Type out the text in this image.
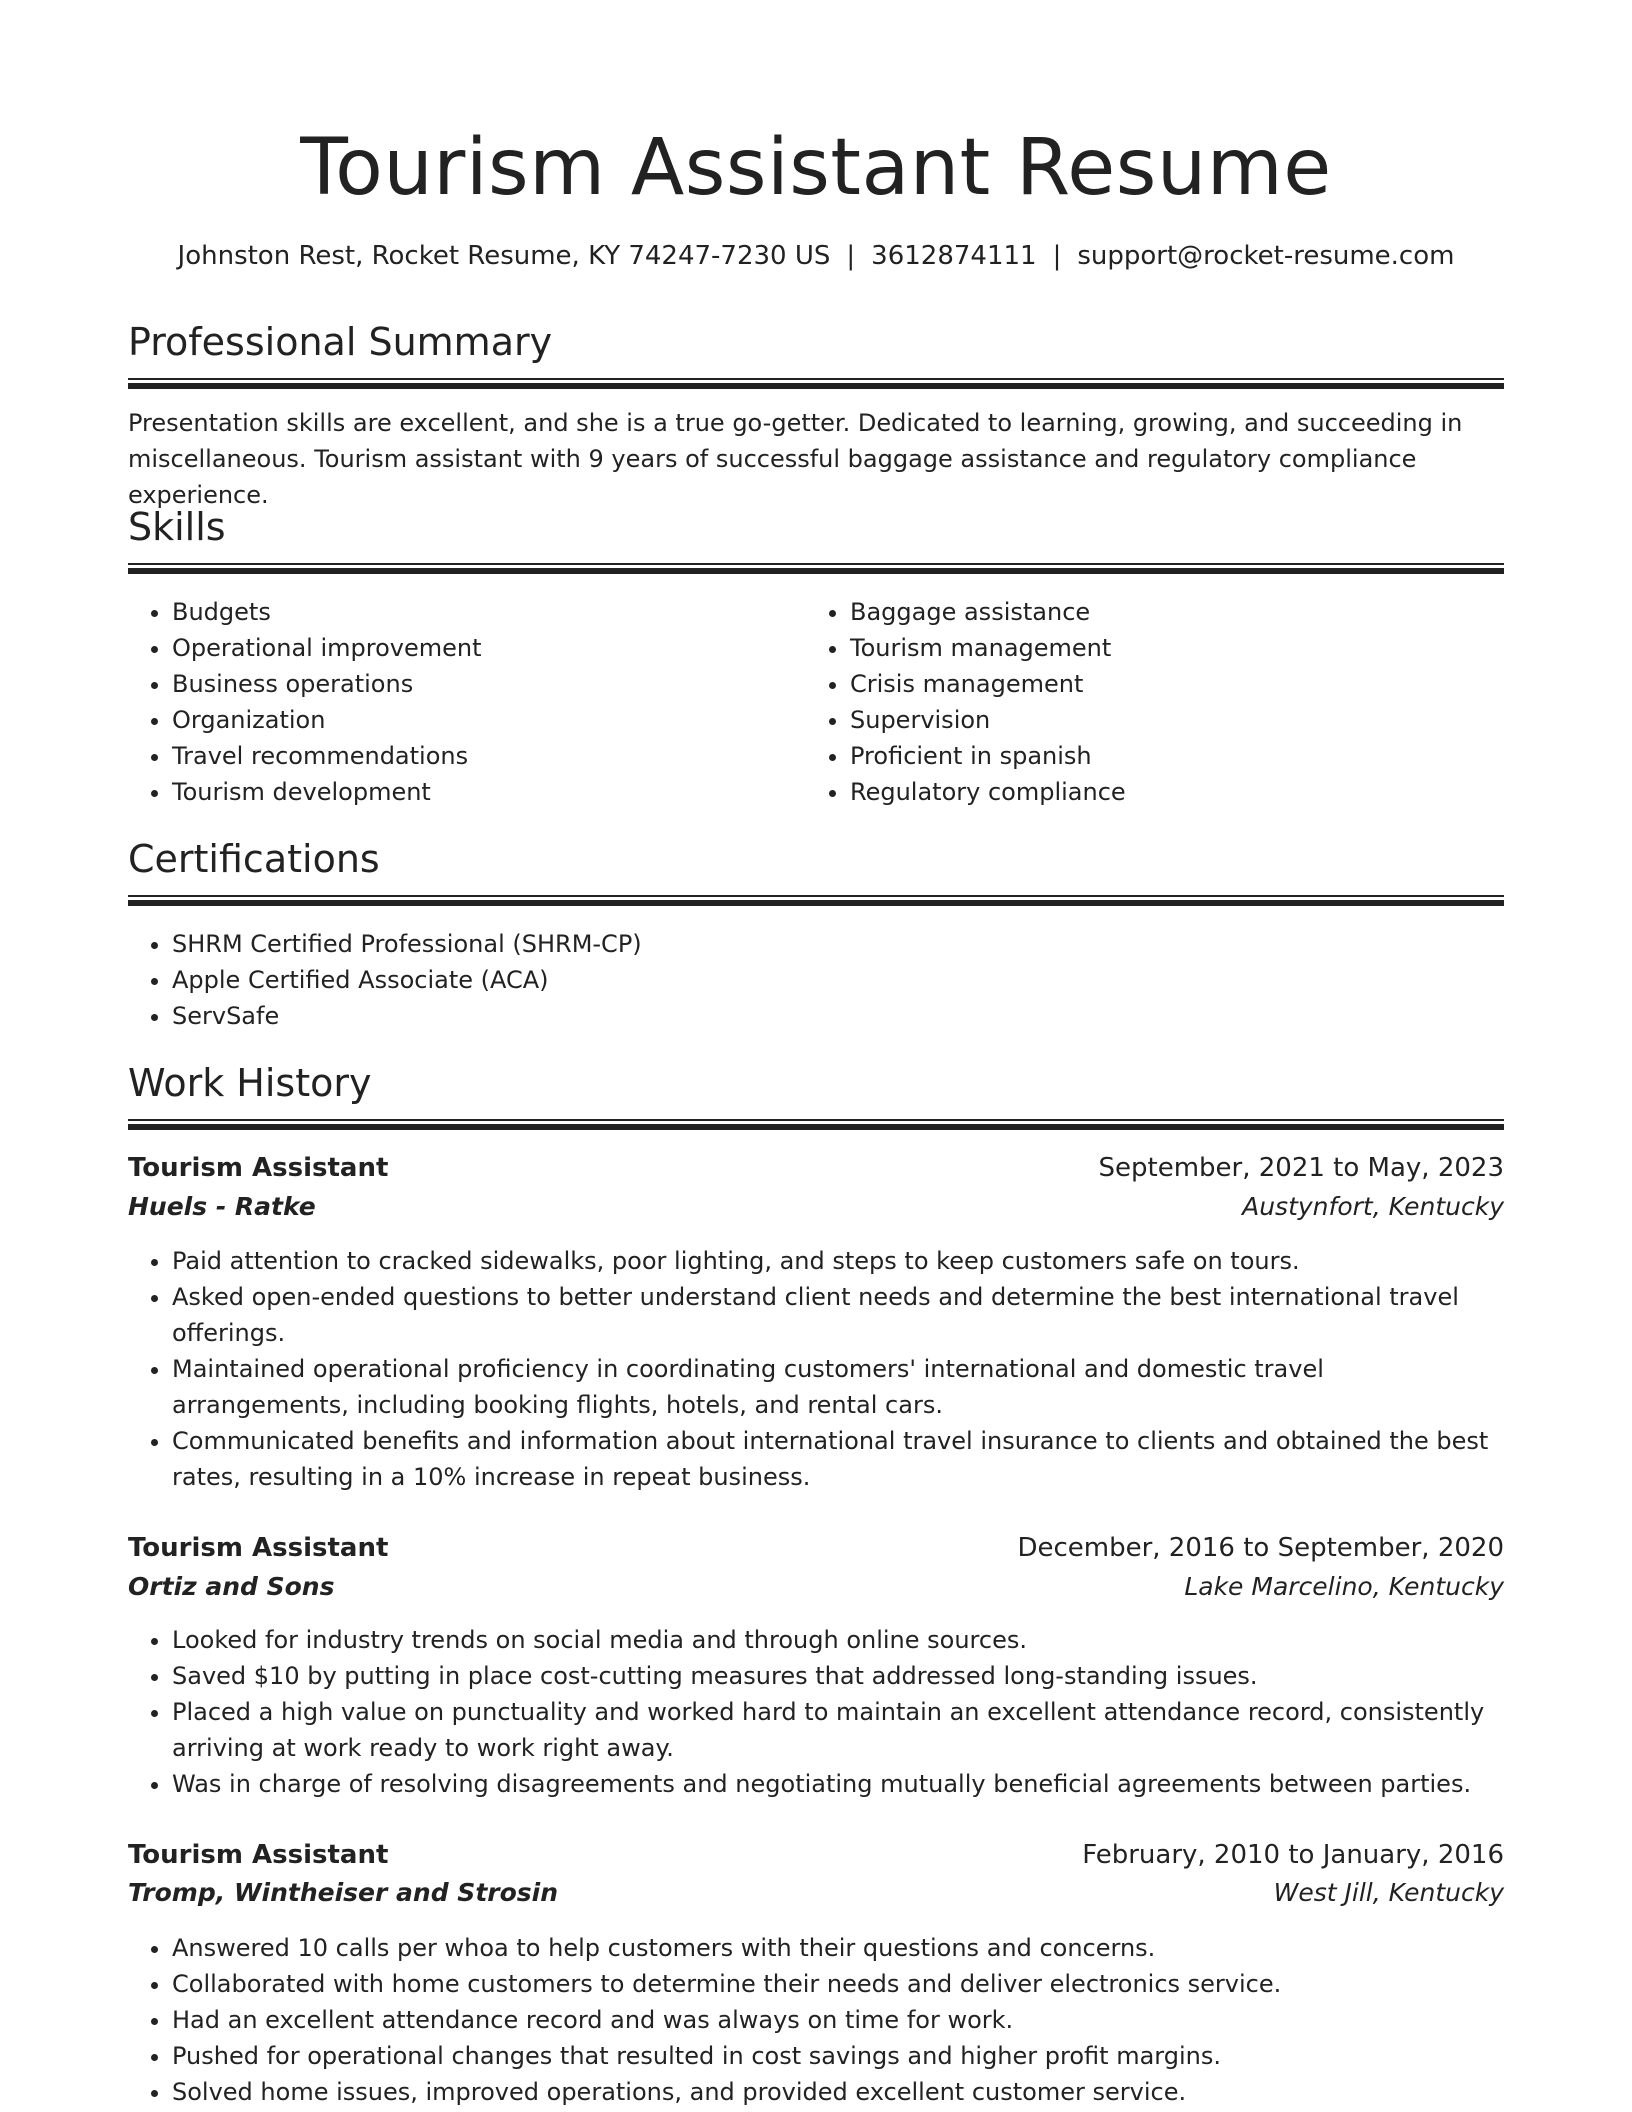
Tourism Assistant Resume
Johnston Rest, Rocket Resume, KY 74247-7230 US | 3612874111 | support@rocket-resume.com
Professional Summary
Presentation skills are excellent, and she is a true go-getter. Dedicated to learning, growing, and succeeding in miscellaneous. Tourism assistant with 9 years of successful baggage assistance and regulatory compliance experience.
Skills
• Budgets
• Operational improvement
• Business operations
• Organization
• Travel recommendations
• Tourism development
• Baggage assistance
• Tourism management
• Crisis management
• Supervision
• Proficient in spanish
• Regulatory compliance
Certifications
• SHRM Certified Professional (SHRM-CP)
• Apple Certified Associate (ACA)
• ServSafe
Work History
Tourism Assistant	September, 2021 to May, 2023
Huels - Ratke	Austynfort, Kentucky
• Paid attention to cracked sidewalks, poor lighting, and steps to keep customers safe on tours.
• Asked open-ended questions to better understand client needs and determine the best international travel offerings.
• Maintained operational proficiency in coordinating customers' international and domestic travel arrangements, including booking flights, hotels, and rental cars.
• Communicated benefits and information about international travel insurance to clients and obtained the best rates, resulting in a 10% increase in repeat business.
Tourism Assistant	December, 2016 to September, 2020
Ortiz and Sons	Lake Marcelino, Kentucky
• Looked for industry trends on social media and through online sources.
• Saved $10 by putting in place cost-cutting measures that addressed long-standing issues.
• Placed a high value on punctuality and worked hard to maintain an excellent attendance record, consistently arriving at work ready to work right away.
• Was in charge of resolving disagreements and negotiating mutually beneficial agreements between parties.
Tourism Assistant	February, 2010 to January, 2016
Tromp, Wintheiser and Strosin	West Jill, Kentucky
• Answered 10 calls per whoa to help customers with their questions and concerns.
• Collaborated with home customers to determine their needs and deliver electronics service.
• Had an excellent attendance record and was always on time for work.
• Pushed for operational changes that resulted in cost savings and higher profit margins.
• Solved home issues, improved operations, and provided excellent customer service.
